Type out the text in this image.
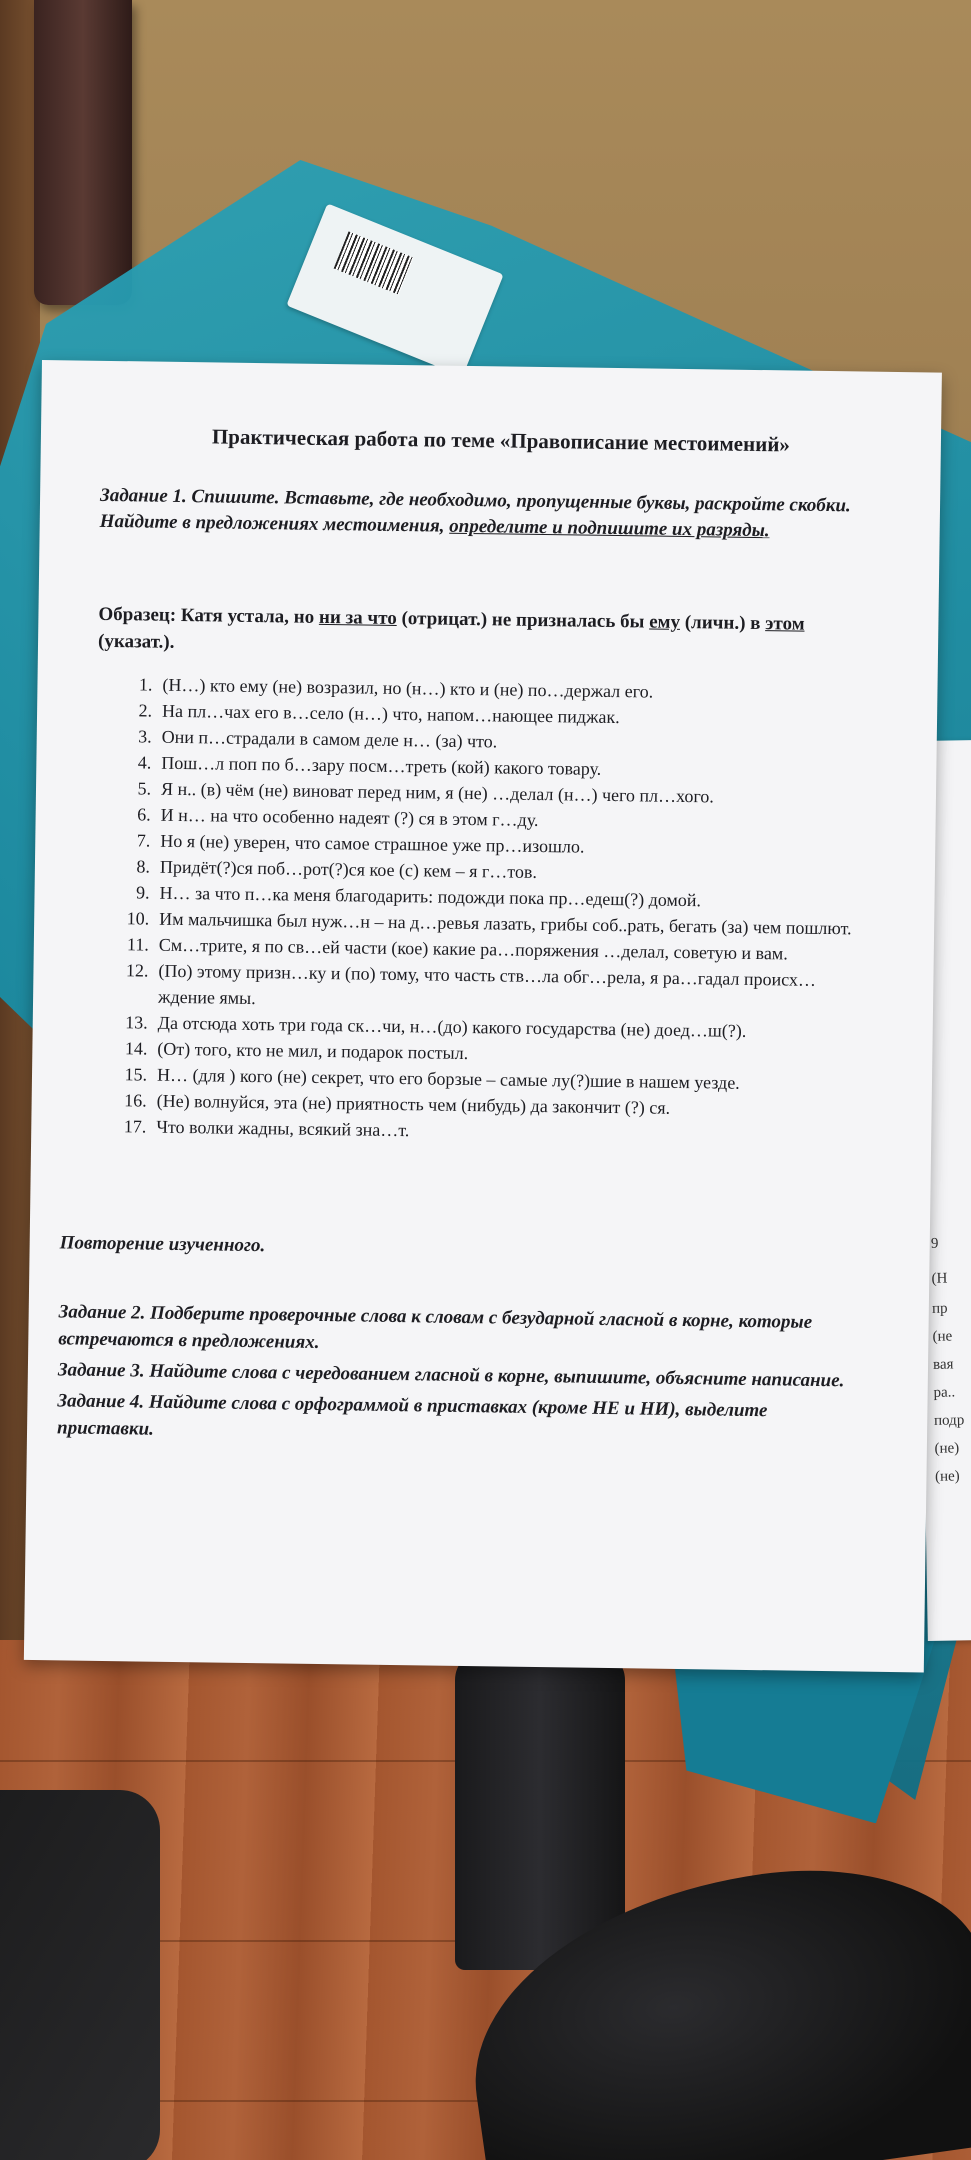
9
(Н
пр
(не
вая
ра..
подр
(не)
(не)
Практическая работа по теме «Правописание местоимений»
Задание 1. Спишите. Вставьте, где необходимо, пропущенные буквы, раскройте скобки. Найдите в предложениях местоимения, определите и подпишите их разряды.
Образец: Катя устала, но ни за что (отрицат.) не призналась бы ему (личн.) в этом (указат.).
1. (Н…) кто ему (не) возразил, но (н…) кто и (не) по…держал его.
2. На пл…чах его в…село (н…) что, напом…нающее пиджак.
3. Они п…страдали в самом деле н… (за) что.
4. Пош…л поп по б…зару посм…треть (кой) какого товару.
5. Я н.. (в) чём (не) виноват перед ним, я (не) …делал (н…) чего пл…хого.
6. И н… на что особенно надеят (?) ся в этом г…ду.
7. Но я (не) уверен, что самое страшное уже пр…изошло.
8. Придёт(?)ся поб…рот(?)ся кое (с) кем – я г…тов.
9. Н… за что п…ка меня благодарить: подожди пока пр…едеш(?) домой.
10. Им мальчишка был нуж…н – на д…ревья лазать, грибы соб..рать, бегать (за) чем пошлют.
11. См…трите, я по св…ей части (кое) какие ра…поряжения …делал, советую и вам.
12. (По) этому призн…ку и (по) тому, что часть ств…ла обг…рела, я ра…гадал происх…ждение ямы.
13. Да отсюда хоть три года ск…чи, н…(до) какого государства (не) доед…ш(?).
14. (От) того, кто не мил, и подарок постыл.
15. Н… (для ) кого (не) секрет, что его борзые – самые лу(?)шие в нашем уезде.
16. (Не) волнуйся, эта (не) приятность чем (нибудь) да закончит (?) ся.
17. Что волки жадны, всякий зна…т.
Повторение изученного.

Задание 2. Подберите проверочные слова к словам с безударной гласной в корне, которые встречаются в предложениях.

Задание 3. Найдите слова с чередованием гласной в корне, выпишите, объясните написание.

Задание 4. Найдите слова с орфограммой в приставках (кроме НЕ и НИ), выделите приставки.
